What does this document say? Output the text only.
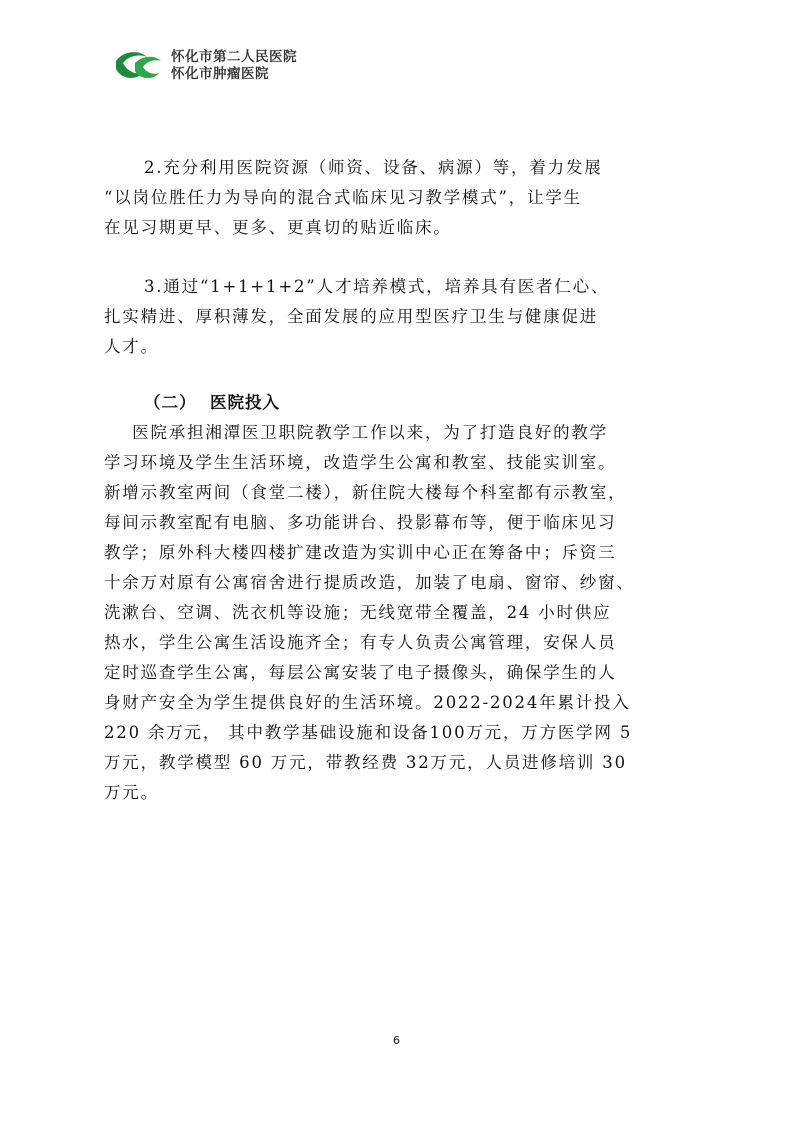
怀化市第二人民医院
怀化市肿瘤医院

2.充分利用医院资源（师资、设备、病源）等，着力发展
“以岗位胜任力为导向的混合式临床见习教学模式”，让学生
在见习期更早、更多、更真切的贴近临床。

3.通过“1+1+1+2”人才培养模式，培养具有医者仁心、
扎实精进、厚积薄发，全面发展的应用型医疗卫生与健康促进
人才。

（二）  医院投入

医院承担湘潭医卫职院教学工作以来，为了打造良好的教学
学习环境及学生生活环境，改造学生公寓和教室、技能实训室。
新增示教室两间（食堂二楼），新住院大楼每个科室都有示教室，
每间示教室配有电脑、多功能讲台、投影幕布等，便于临床见习
教学；原外科大楼四楼扩建改造为实训中心正在筹备中；斥资三
十余万对原有公寓宿舍进行提质改造，加装了电扇、窗帘、纱窗、
洗漱台、空调、洗衣机等设施；无线宽带全覆盖，24 小时供应
热水，学生公寓生活设施齐全；有专人负责公寓管理，安保人员
定时巡查学生公寓，每层公寓安装了电子摄像头，确保学生的人
身财产安全为学生提供良好的生活环境。2022-2024年累计投入
220 余万元， 其中教学基础设施和设备100万元，万方医学网 5
万元，教学模型 60 万元，带教经费 32万元，人员进修培训 30
万元。

6
